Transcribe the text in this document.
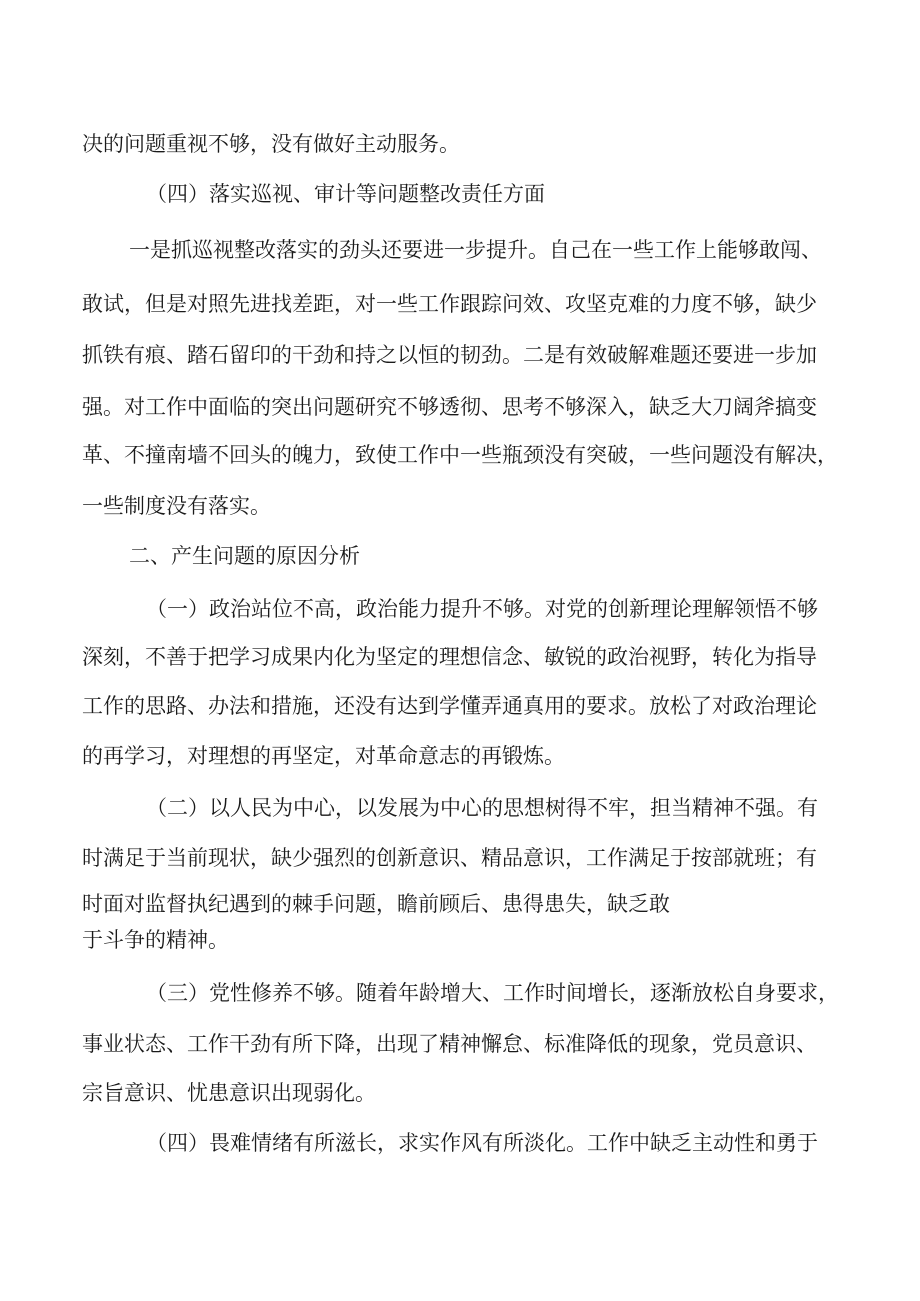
决的问题重视不够，没有做好主动服务。

（四）落实巡视、审计等问题整改责任方面

一是抓巡视整改落实的劲头还要进一步提升。自己在一些工作上能够敢闯、

敢试，但是对照先进找差距，对一些工作跟踪问效、攻坚克难的力度不够，缺少

抓铁有痕、踏石留印的干劲和持之以恒的韧劲。二是有效破解难题还要进一步加

强。对工作中面临的突出问题研究不够透彻、思考不够深入，缺乏大刀阔斧搞变

革、不撞南墙不回头的魄力，致使工作中一些瓶颈没有突破，一些问题没有解决，

一些制度没有落实。

二、产生问题的原因分析

（一）政治站位不高，政治能力提升不够。对党的创新理论理解领悟不够

深刻，不善于把学习成果内化为坚定的理想信念、敏锐的政治视野，转化为指导

工作的思路、办法和措施，还没有达到学懂弄通真用的要求。放松了对政治理论

的再学习，对理想的再坚定，对革命意志的再锻炼。

（二）以人民为中心，以发展为中心的思想树得不牢，担当精神不强。有

时满足于当前现状，缺少强烈的创新意识、精品意识，工作满足于按部就班；有

时面对监督执纪遇到的棘手问题，瞻前顾后、患得患失，缺乏敢

于斗争的精神。

（三）党性修养不够。随着年龄增大、工作时间增长，逐渐放松自身要求，

事业状态、工作干劲有所下降，出现了精神懈怠、标准降低的现象，党员意识、

宗旨意识、忧患意识出现弱化。

（四）畏难情绪有所滋长，求实作风有所淡化。工作中缺乏主动性和勇于
